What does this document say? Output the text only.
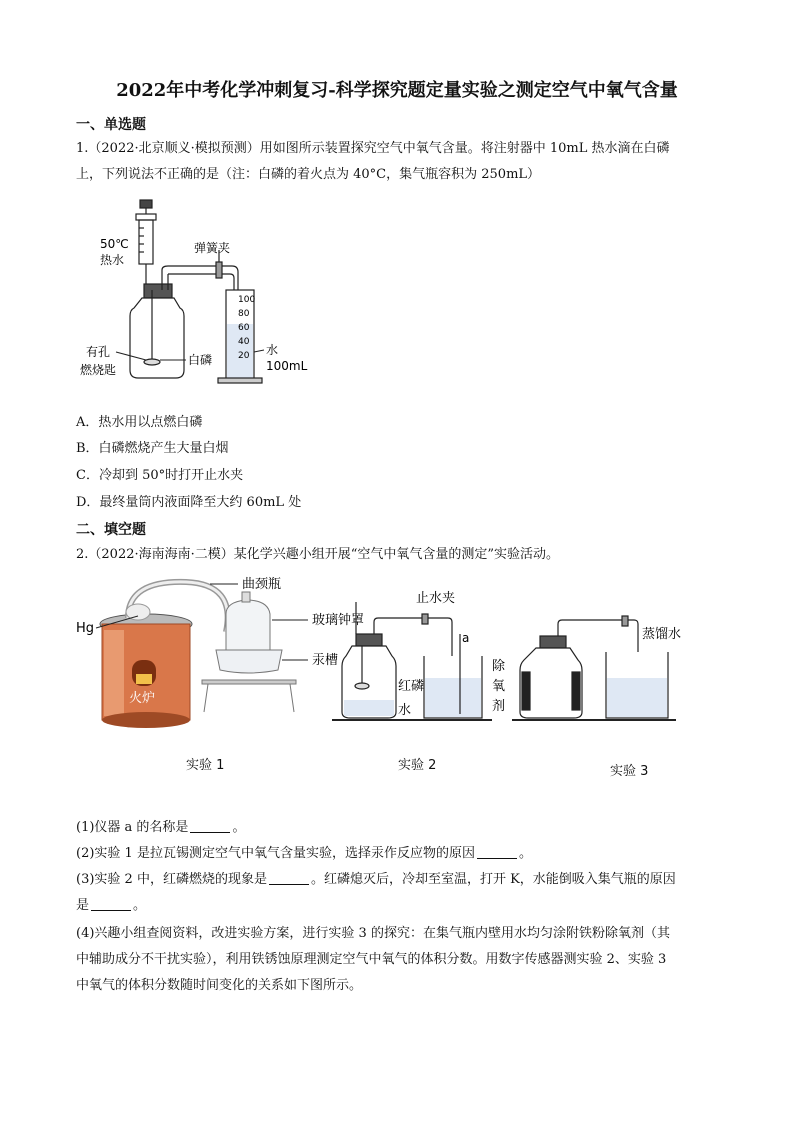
2022年中考化学冲刺复习-科学探究题定量实验之测定空气中氧气含量
一、单选题
1.（2022·北京顺义·模拟预测）用如图所示装置探究空气中氧气含量。将注射器中 10mL 热水滴在白磷
上，下列说法不正确的是（注：白磷的着火点为 40°C，集气瓶容积为 250mL）
100
80
60
40
20
50℃
热水
弹簧夹
有孔
燃烧匙
白磷
水
100mL
A．热水用以点燃白磷
B．白磷燃烧产生大量白烟
C．冷却到 50°时打开止水夹
D．最终量筒内液面降至大约 60mL 处
二、填空题
2.（2022·海南海南·二模）某化学兴趣小组开展“空气中氧气含量的测定”实验活动。
火炉
曲颈瓶
玻璃钟罩
Hg
汞槽
止水夹
a
红磷
水
蒸馏水
除
氧
剂
实验 1	实验 2	实验 3
(1)仪器 a 的名称是	。
(2)实验 1 是拉瓦锡测定空气中氧气含量实验，选择汞作反应物的原因	。
(3)实验 2 中，红磷燃烧的现象是	。红磷熄灭后，冷却至室温，打开 K，水能倒吸入集气瓶的原因
是	。
(4)兴趣小组查阅资料，改进实验方案，进行实验 3 的探究：在集气瓶内壁用水均匀涂附铁粉除氧剂（其
中辅助成分不干扰实验），利用铁锈蚀原理测定空气中氧气的体积分数。用数字传感器测实验 2、实验 3
中氧气的体积分数随时间变化的关系如下图所示。
